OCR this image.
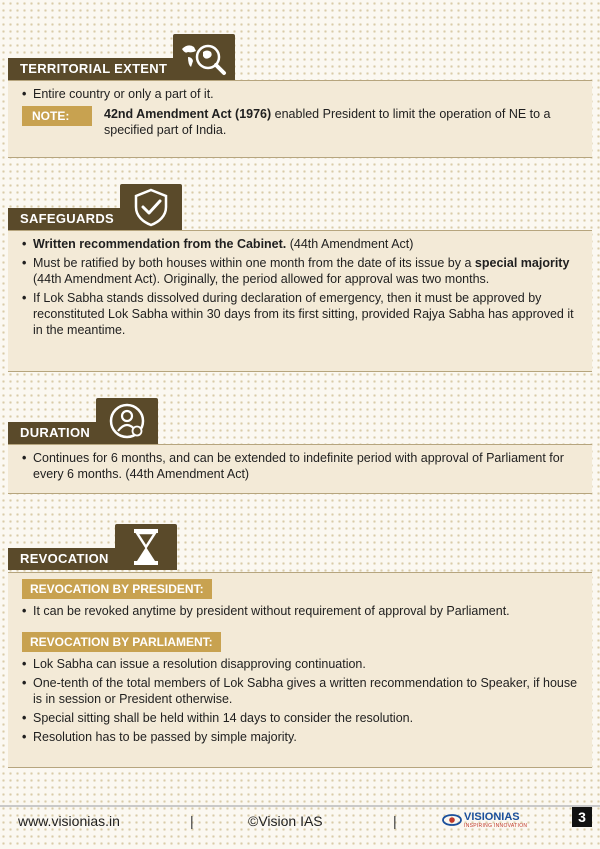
TERRITORIAL EXTENT
• Entire country or only a part of it.
NOTE:	42nd Amendment Act (1976) enabled President to limit the operation of NE to a specified part of India.
SAFEGUARDS
• Written recommendation from the Cabinet. (44th Amendment Act)
• Must be ratified by both houses within one month from the date of its issue by a special majority (44th Amendment Act). Originally, the period allowed for approval was two months.
• If Lok Sabha stands dissolved during declaration of emergency, then it must be approved by reconstituted Lok Sabha within 30 days from its first sitting, provided Rajya Sabha has approved it in the meantime.
DURATION
• Continues for 6 months, and can be extended to indefinite period with approval of Parliament for every 6 months. (44th Amendment Act)
REVOCATION
REVOCATION BY PRESIDENT:
• It can be revoked anytime by president without requirement of approval by Parliament.
REVOCATION BY PARLIAMENT:
• Lok Sabha can issue a resolution disapproving continuation.
• One-tenth of the total members of Lok Sabha gives a written recommendation to Speaker, if house is in session or President otherwise.
• Special sitting shall be held within 14 days to consider the resolution.
• Resolution has to be passed by simple majority.
www.visionias.in	|	©Vision IAS	|	VISIONIAS
INSPIRING INNOVATION
3
